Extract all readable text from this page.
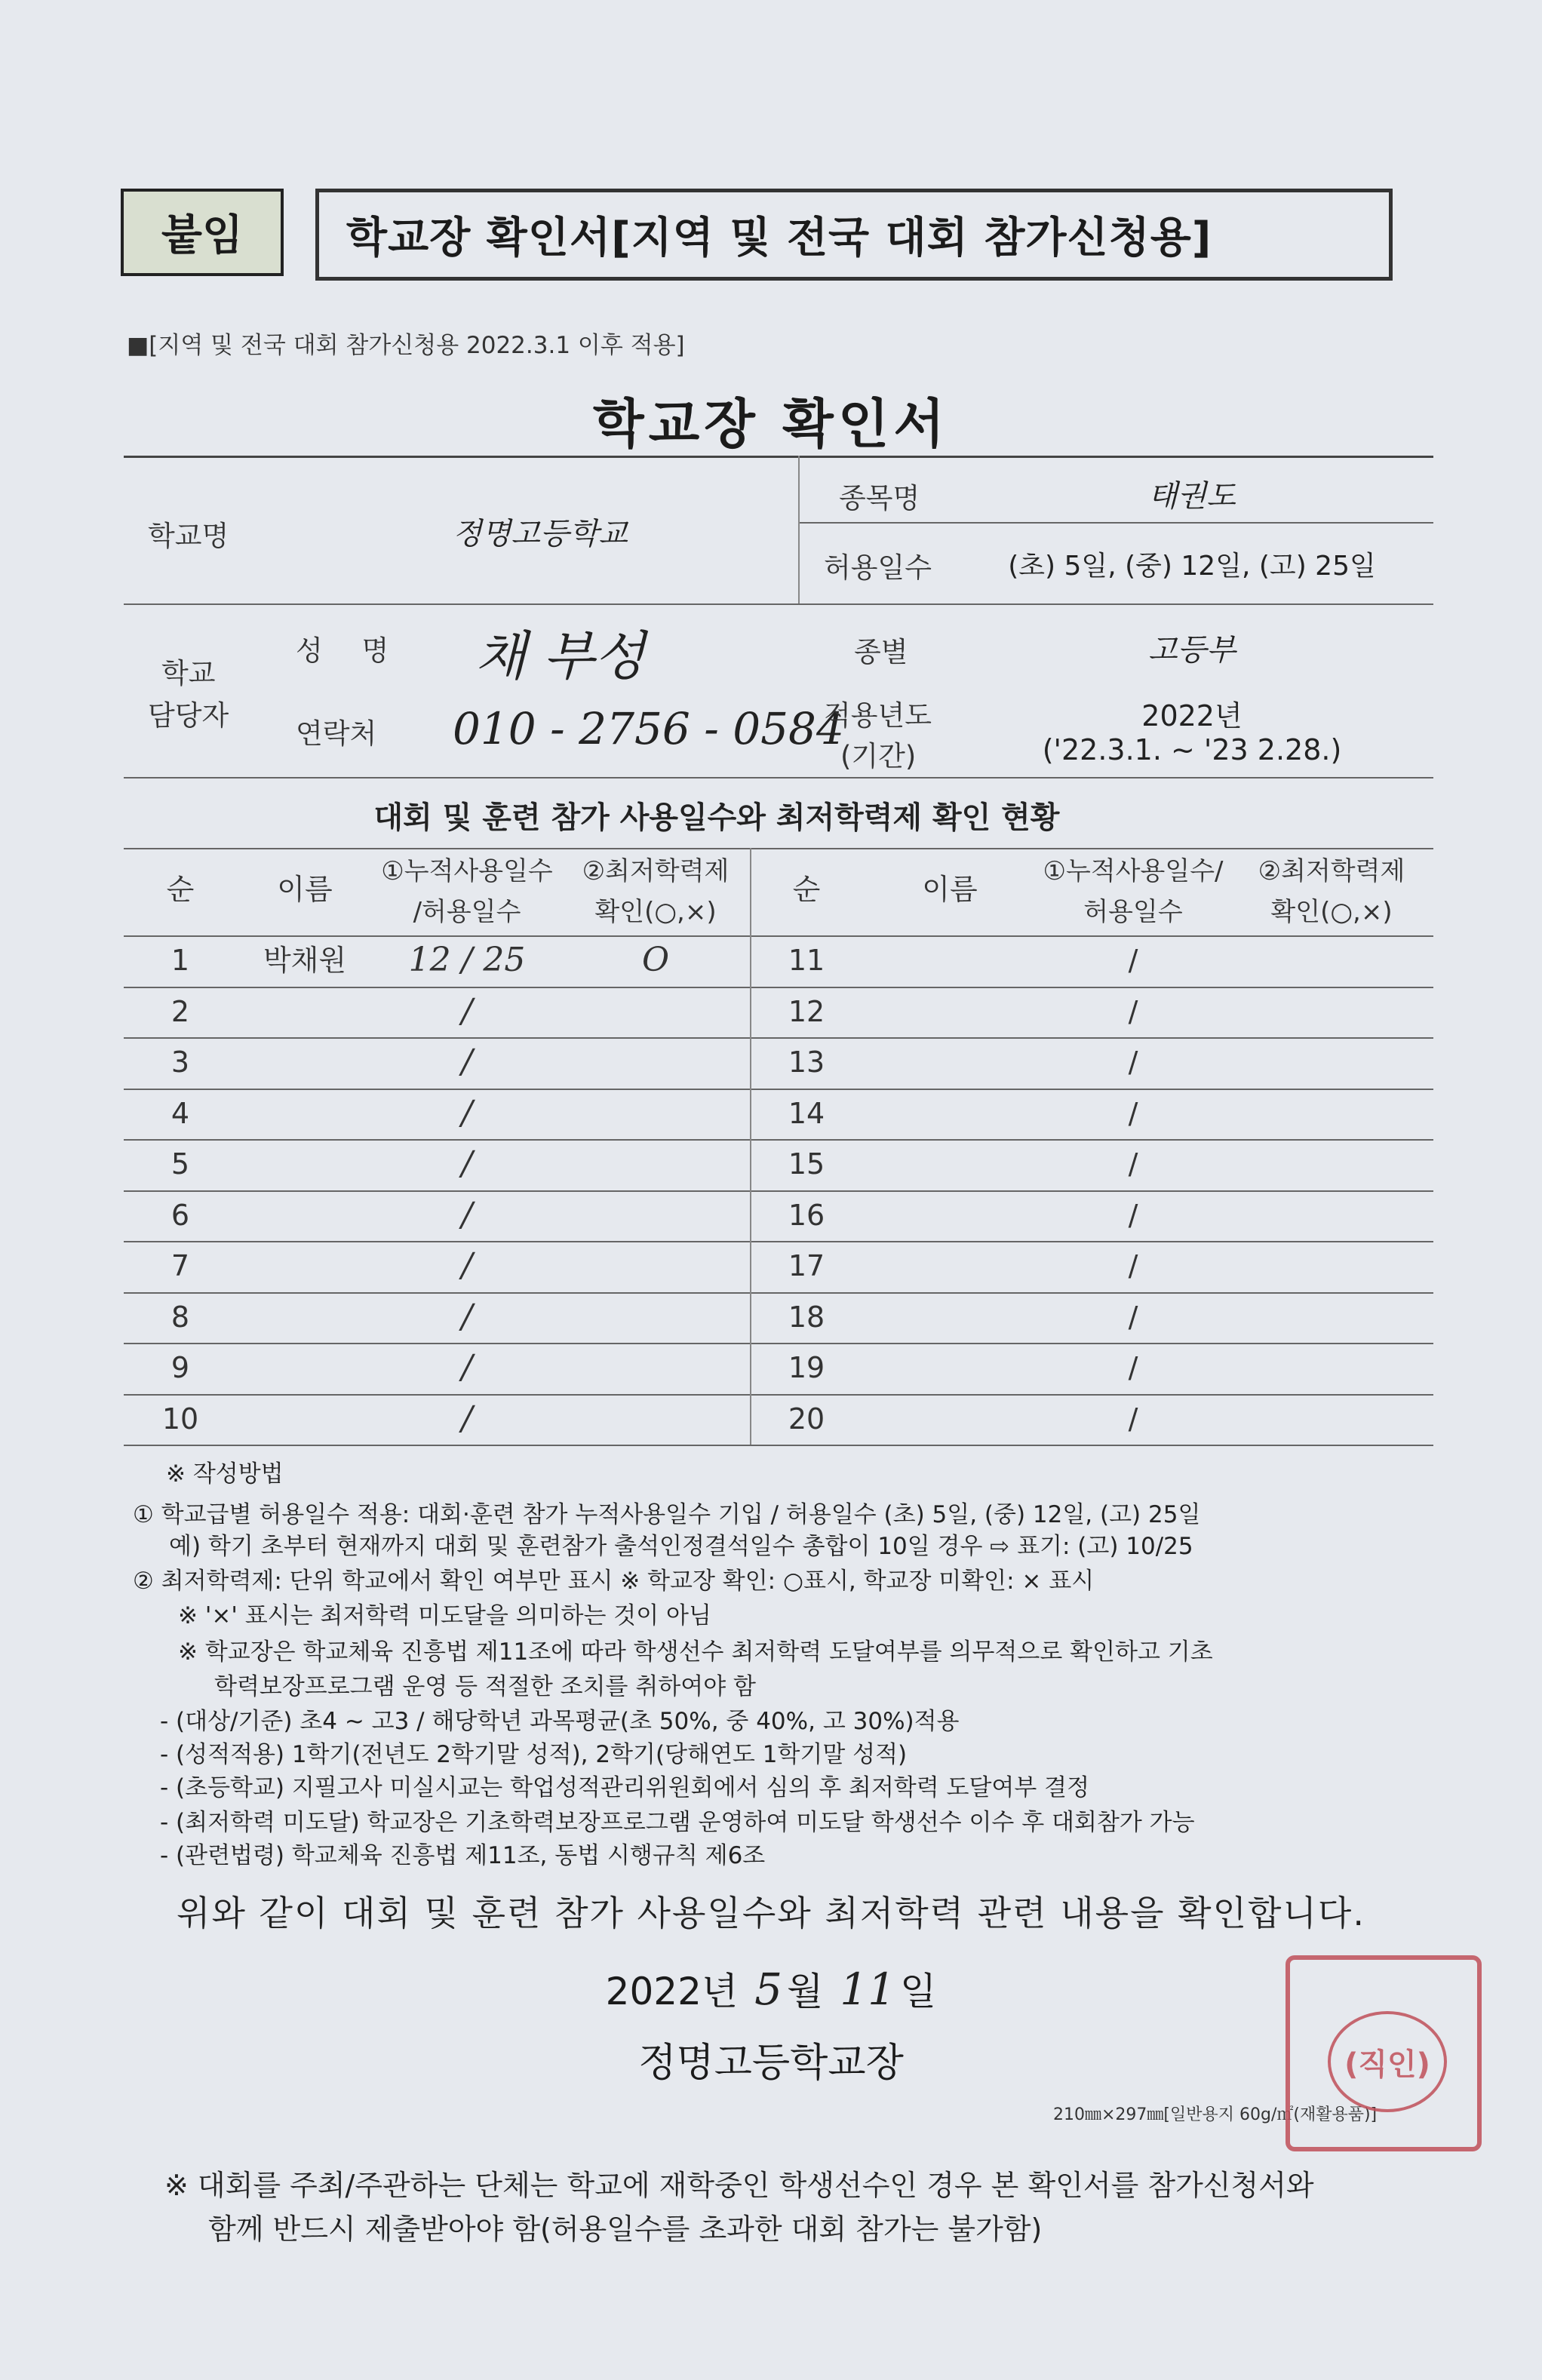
붙임	학교장 확인서[지역 및 전국 대회 참가신청용]
■[지역 및 전국 대회 참가신청용 2022.3.1 이후 적용]
학교장 확인서
학교명	정명고등학교
종목명	태권도
허용일수	(초) 5일, (중) 12일, (고) 25일
학교
담당자
성 명 채 부성
연락처 010 - 2756 - 0584
종별	고등부
적용년도
(기간)
2022년
('22.3.1. ~ '23 2.28.)
대회 및 훈련 참가 사용일수와 최저학력제 확인 현황
순	이름
①누적사용일수
/허용일수
②최저학력제
확인(○,×)
순	이름
①누적사용일수/
허용일수
②최저학력제
확인(○,×)
1	박채원	12 / 25	O	11	/
2	/	12	/
3	/	13	/
4	/	14	/
5	/	15	/
6	/	16	/
7	/	17	/
8	/	18	/
9	/	19	/
10	/	20	/
※ 작성방법
① 학교급별 허용일수 적용: 대회·훈련 참가 누적사용일수 기입 / 허용일수 (초) 5일, (중) 12일, (고) 25일
예) 학기 초부터 현재까지 대회 및 훈련참가 출석인정결석일수 총합이 10일 경우 ⇨ 표기: (고) 10/25
② 최저학력제: 단위 학교에서 확인 여부만 표시 ※ 학교장 확인: ○표시, 학교장 미확인: × 표시
※ '×' 표시는 최저학력 미도달을 의미하는 것이 아님
※ 학교장은 학교체육 진흥법 제11조에 따라 학생선수 최저학력 도달여부를 의무적으로 확인하고 기초
학력보장프로그램 운영 등 적절한 조치를 취하여야 함
- (대상/기준) 초4 ~ 고3 / 해당학년 과목평균(초 50%, 중 40%, 고 30%)적용
- (성적적용) 1학기(전년도 2학기말 성적), 2학기(당해연도 1학기말 성적)
- (초등학교) 지필고사 미실시교는 학업성적관리위원회에서 심의 후 최저학력 도달여부 결정
- (최저학력 미도달) 학교장은 기초학력보장프로그램 운영하여 미도달 학생선수 이수 후 대회참가 가능
- (관련법령) 학교체육 진흥법 제11조, 동법 시행규칙 제6조
위와 같이 대회 및 훈련 참가 사용일수와 최저학력 관련 내용을 확인합니다.
2022년 5 월 11 일
정명고등학교장
210㎜×297㎜[일반용지 60g/㎡(재활용품)]
(직인)
※ 대회를 주최/주관하는 단체는 학교에 재학중인 학생선수인 경우 본 확인서를 참가신청서와
함께 반드시 제출받아야 함(허용일수를 초과한 대회 참가는 불가함)
